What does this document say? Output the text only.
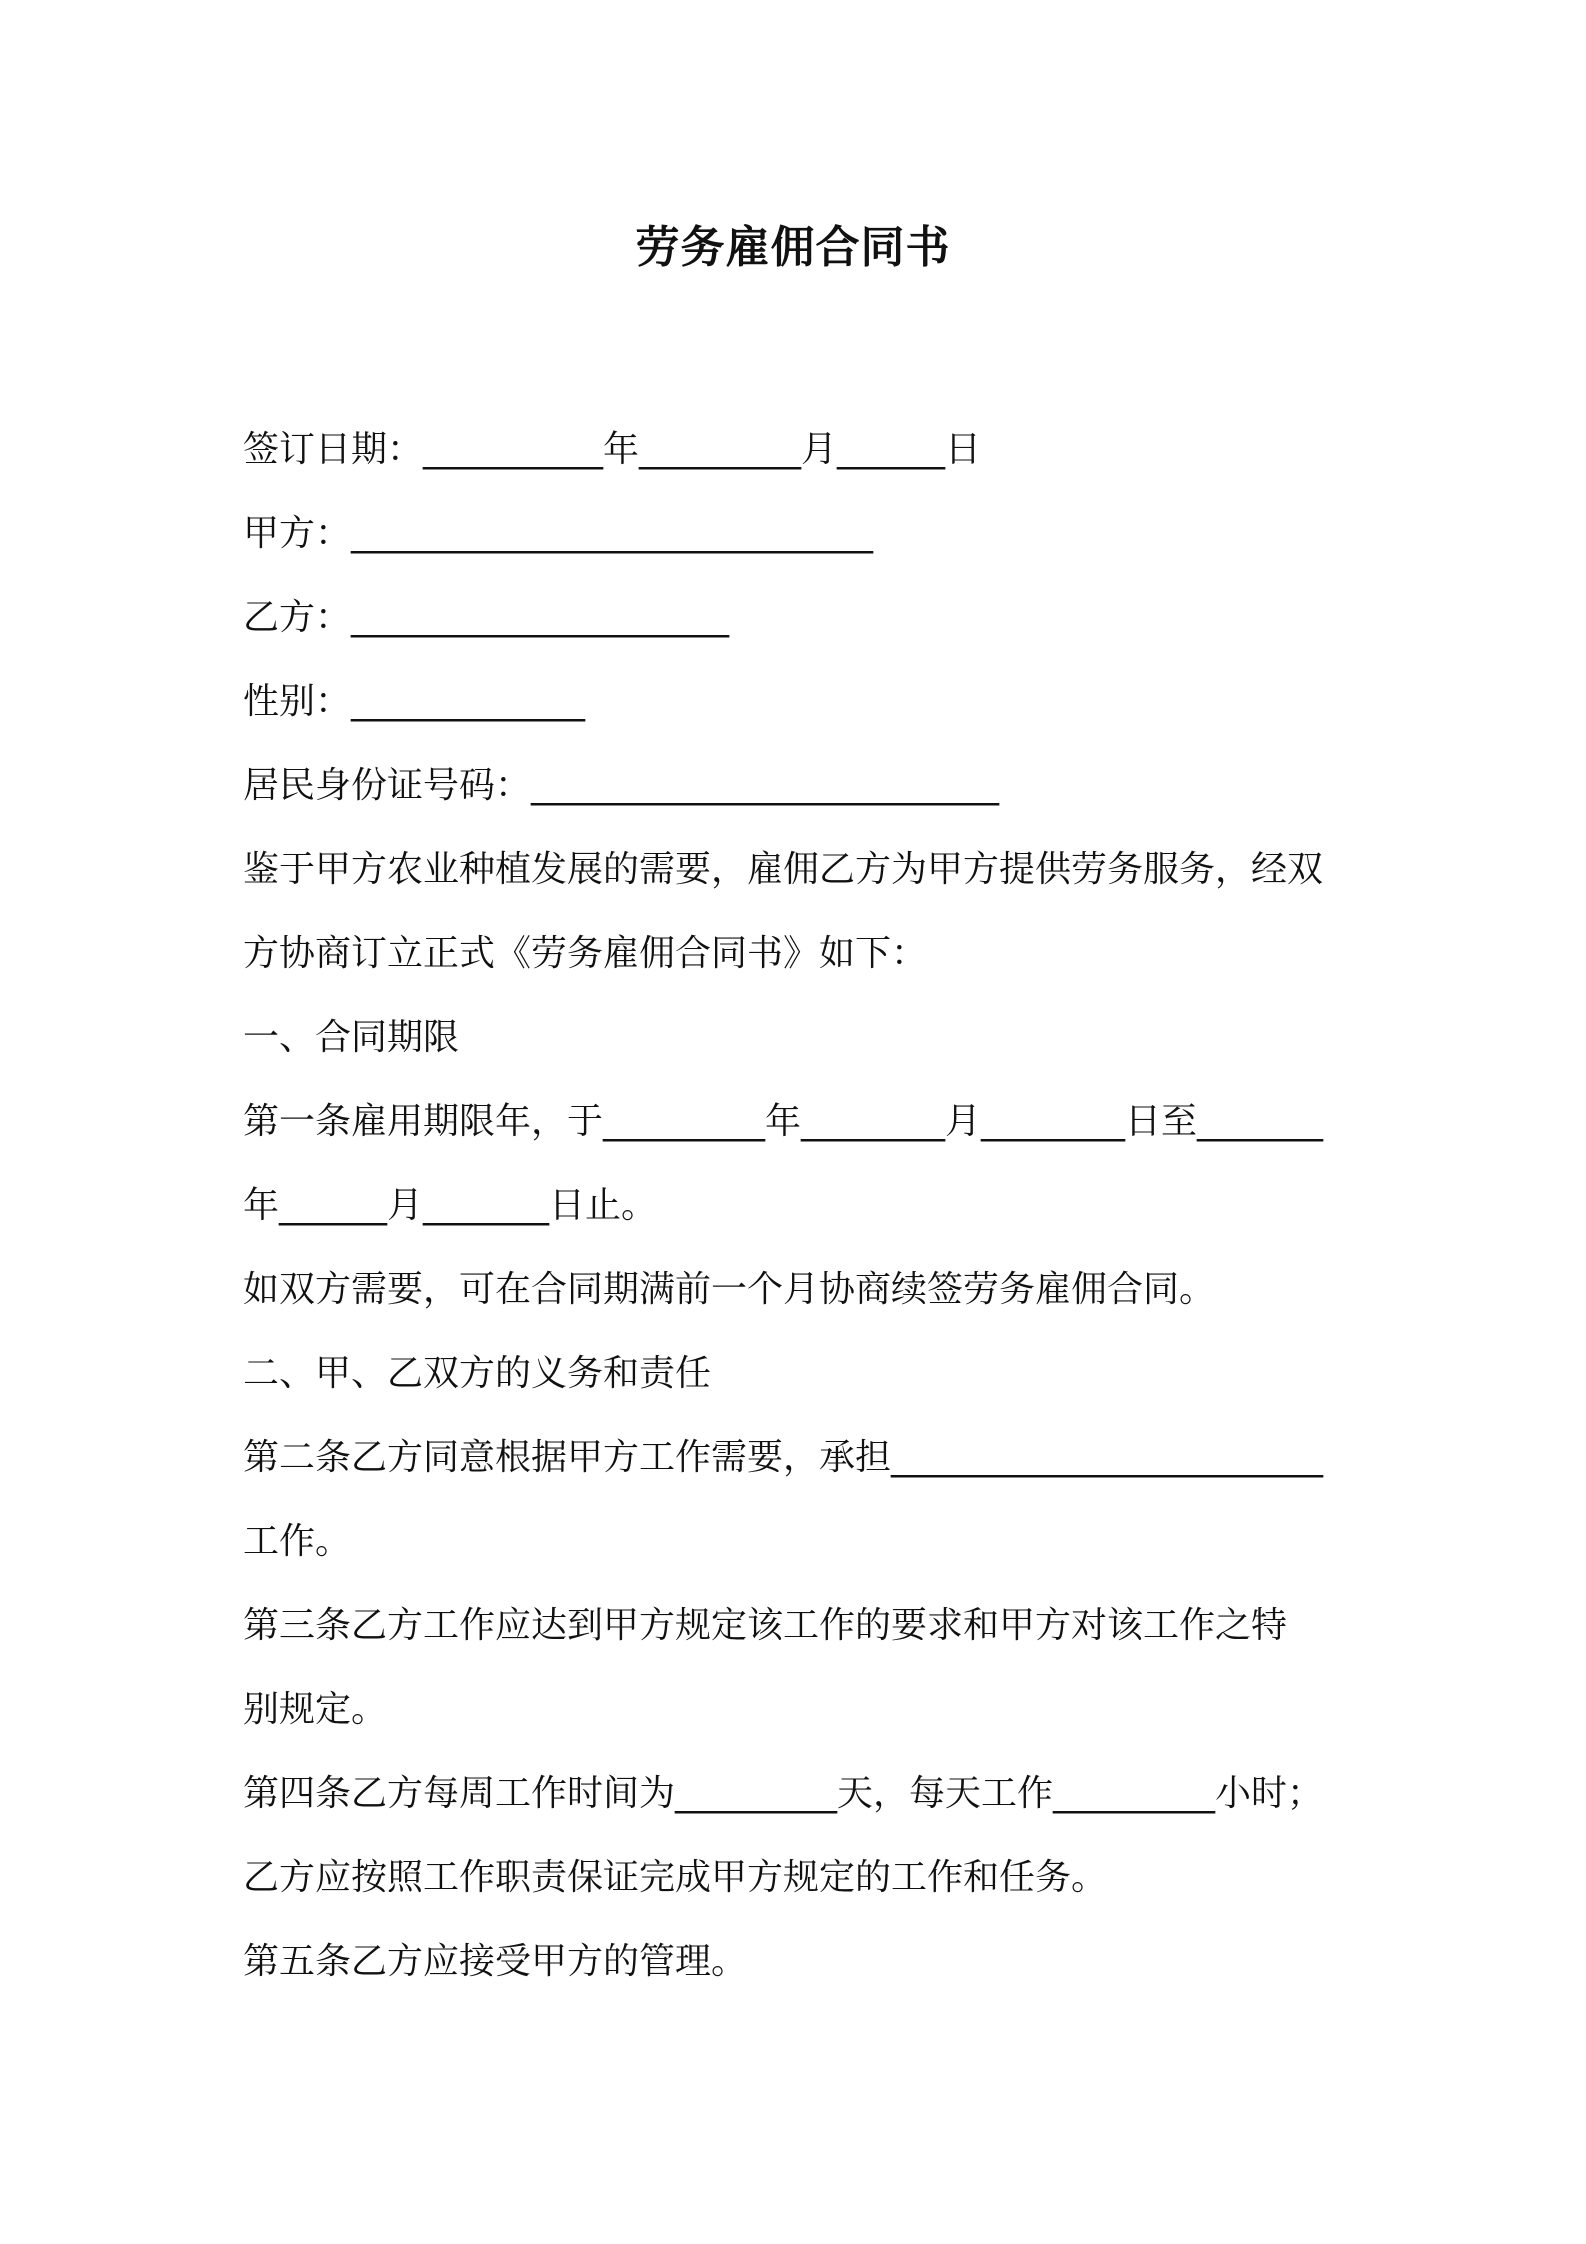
劳务雇佣合同书
签订日期：__________年_________月______日
甲方：_____________________________
乙方：_____________________
性别：_____________
居民身份证号码：__________________________
鉴于甲方农业种植发展的需要，雇佣乙方为甲方提供劳务服务，经双
方协商订立正式《劳务雇佣合同书》如下：
一、合同期限
第一条雇用期限年，于_________年________月________日至_______
年______月_______日止。
如双方需要，可在合同期满前一个月协商续签劳务雇佣合同。
二、甲、乙双方的义务和责任
第二条乙方同意根据甲方工作需要，承担________________________
工作。
第三条乙方工作应达到甲方规定该工作的要求和甲方对该工作之特
别规定。
第四条乙方每周工作时间为_________天，每天工作_________小时；
乙方应按照工作职责保证完成甲方规定的工作和任务。
第五条乙方应接受甲方的管理。
